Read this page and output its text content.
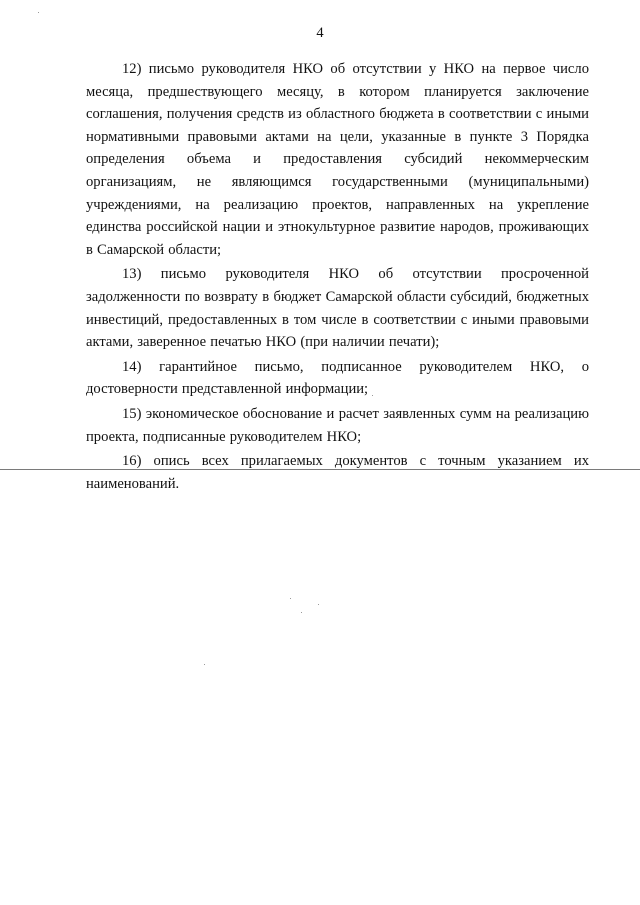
4

12) письмо руководителя НКО об отсутствии у НКО на первое число месяца, предшествующего месяцу, в котором планируется заключение соглашения, получения средств из областного бюджета в соответствии с иными нормативными правовыми актами на цели, указанные в пункте 3 Порядка определения объема и предоставления субсидий некоммерческим организациям, не являющимся государственными (муниципальными) учреждениями, на реализацию проектов, направленных на укрепление единства российской нации и этнокультурное развитие народов, проживающих в Самарской области;

13) письмо руководителя НКО об отсутствии просроченной задолженности по возврату в бюджет Самарской области субсидий, бюджетных инвестиций, предоставленных в том числе в соответствии с иными правовыми актами, заверенное печатью НКО (при наличии печати);

14) гарантийное письмо, подписанное руководителем НКО, о достоверности представленной информации;

15) экономическое обоснование и расчет заявленных сумм на реализацию проекта, подписанные руководителем НКО;

16) опись всех прилагаемых документов с точным указанием их наименований.
